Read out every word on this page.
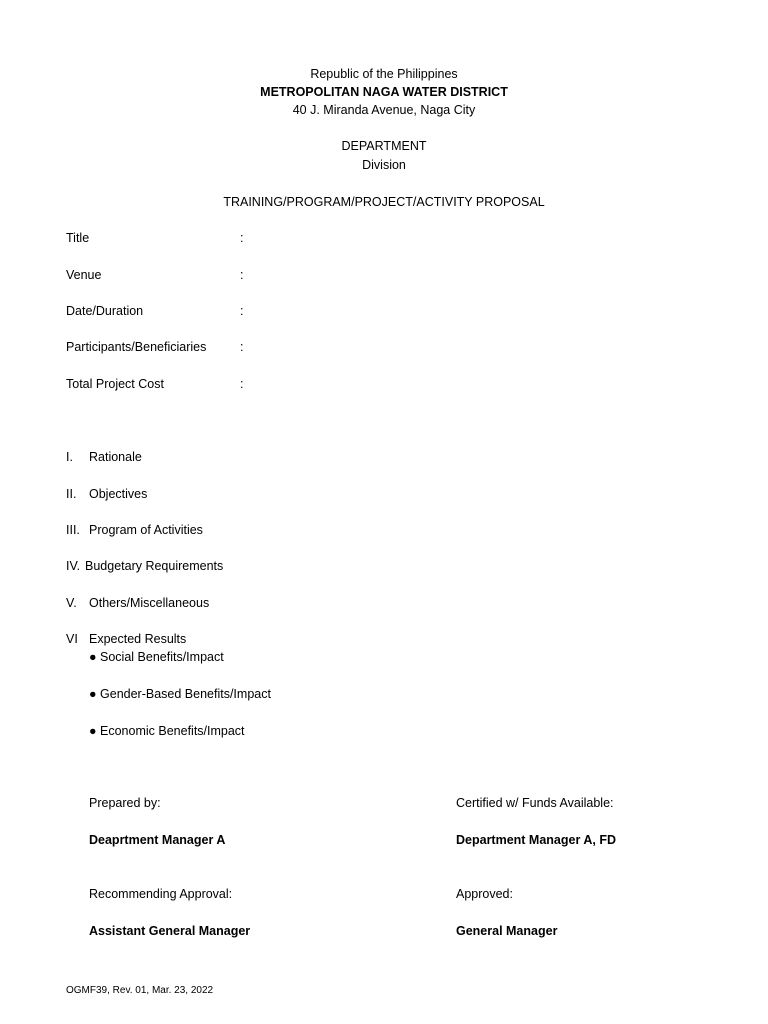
Republic of the Philippines
METROPOLITAN NAGA WATER DISTRICT
40 J. Miranda Avenue, Naga City
DEPARTMENT
Division
TRAINING/PROGRAM/PROJECT/ACTIVITY PROPOSAL
Title	:
Venue	:
Date/Duration	:
Participants/Beneficiaries	:
Total Project Cost	:
I. Rationale
II. Objectives
III. Program of Activities
IV. Budgetary Requirements
V. Others/Miscellaneous
VI Expected Results
● Social Benefits/Impact
● Gender-Based Benefits/Impact
● Economic Benefits/Impact
Prepared by:
Deaprtment Manager A
Certified w/ Funds Available:
Department Manager A, FD
Recommending Approval:
Assistant General Manager
Approved:
General Manager
OGMF39, Rev. 01, Mar. 23, 2022
